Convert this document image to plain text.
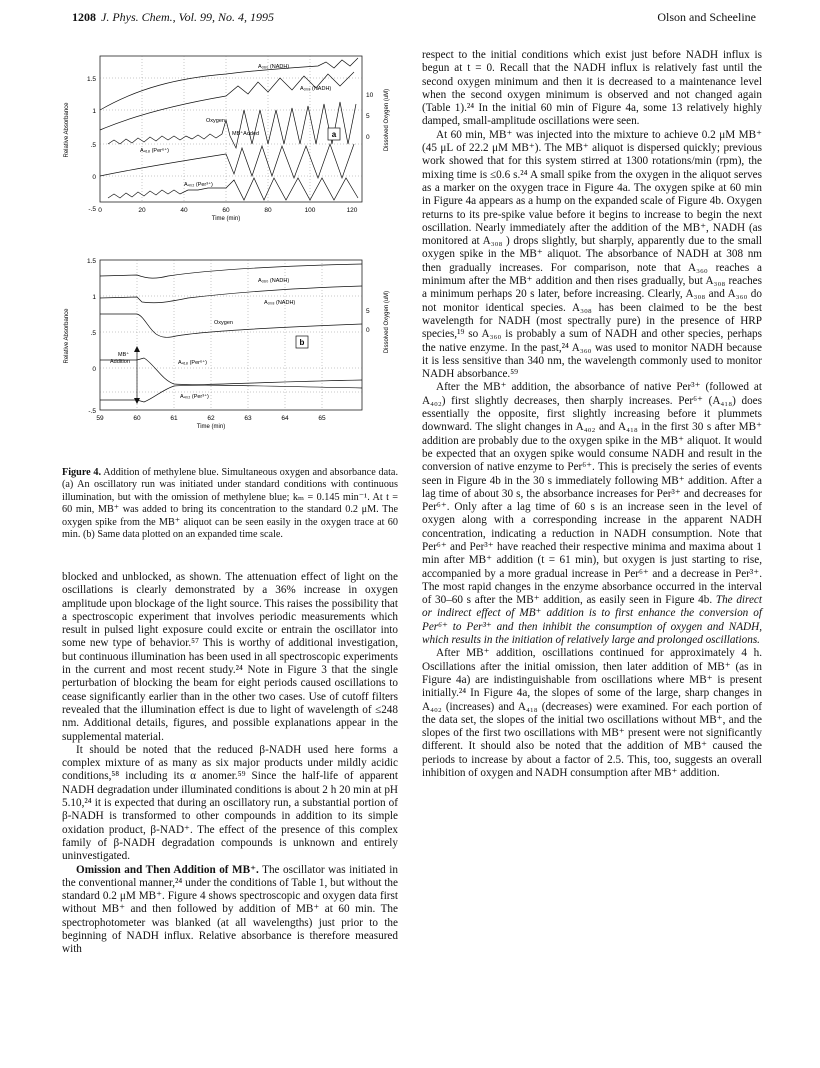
1208 J. Phys. Chem., Vol. 99, No. 4, 1995	Olson and Scheeline
1.5
1
.5
0
-.5
10
5
0
0	20	40	60	80	100	120
Time (min)
Relative Absorbance	Dissolved Oxygen (uM)
A₃₆₀ (NADH)
A₃₀₈ (NADH)
Oxygen
MB⁺Added
A₄₁₈ (Per⁶⁺)
A₄₀₂ (Per³⁺)
a
1.5
1
.5
0
-.5
5
0
59	60	61	62	63	64	65
Time (min)
Relative Absorbance	Dissolved Oxygen (uM)
A₃₆₀ (NADH)
A₃₀₈ (NADH)
Oxygen
MB⁺
Addition	A₄₁₈ (Per⁶⁺)
A₄₀₂ (Per³⁺)
b
Figure 4. Addition of methylene blue. Simultaneous oxygen and absorbance data. (a) An oscillatory run was initiated under standard conditions with continuous illumination, but with the omission of methylene blue; kₘ = 0.145 min⁻¹. At t = 60 min, MB⁺ was added to bring its concentration to the standard 0.2 μM. The oxygen spike from the MB⁺ aliquot can be seen easily in the oxygen trace at 60 min. (b) Same data plotted on an expanded time scale.

blocked and unblocked, as shown. The attenuation effect of light on the oscillations is clearly demonstrated by a 36% increase in oxygen amplitude upon blockage of the light source. This raises the possibility that a spectroscopic experiment that involves periodic measurements which result in pulsed light exposure could excite or entrain the oscillator into some new type of behavior.⁵⁷ This is worthy of additional investigation, but continuous illumination has been used in all spectroscopic experiments in the current and most recent study.²⁴ Note in Figure 3 that the single perturbation of blocking the beam for eight periods caused oscillations to cease significantly earlier than in the other two cases. Use of cutoff filters revealed that the illumination effect is due to light of wavelength of ≤248 nm. Additional details, figures, and possible explanations appear in the supplemental material.

It should be noted that the reduced β-NADH used here forms a complex mixture of as many as six major products under mildly acidic conditions,⁵⁸ including its α anomer.⁵⁹ Since the half-life of apparent NADH degradation under illuminated conditions is about 2 h 20 min at pH 5.10,²⁴ it is expected that during an oscillatory run, a substantial portion of β-NADH is transformed to other compounds in addition to its simple oxidation product, β-NAD⁺. The effect of the presence of this complex family of β-NADH degradation compounds is unknown and entirely uninvestigated.

Omission and Then Addition of MB⁺. The oscillator was initiated in the conventional manner,²⁴ under the conditions of Table 1, but without the standard 0.2 μM MB⁺. Figure 4 shows spectroscopic and oxygen data first without MB⁺ and then followed by addition of MB⁺ at 60 min. The spectrophotometer was blanked (at all wavelengths) just prior to the beginning of NADH influx. Relative absorbance is therefore measured with

respect to the initial conditions which exist just before NADH influx is begun at t = 0. Recall that the NADH influx is relatively fast until the second oxygen minimum and then it is decreased to a maintenance level when the second oxygen minimum is observed and not changed again (Table 1).²⁴ In the initial 60 min of Figure 4a, some 13 relatively highly damped, small-amplitude oscillations were seen.

At 60 min, MB⁺ was injected into the mixture to achieve 0.2 μM MB⁺ (45 μL of 22.2 μM MB⁺). The MB⁺ aliquot is dispersed quickly; previous work showed that for this system stirred at 1300 rotations/min (rpm), the mixing time is ≤0.6 s.²⁴ A small spike from the oxygen in the aliquot serves as a marker on the oxygen trace in Figure 4a. The oxygen spike at 60 min in Figure 4a appears as a hump on the expanded scale of Figure 4b. Oxygen returns to its pre-spike value before it begins to increase to begin the next oscillation. Nearly immediately after the addition of the MB⁺, NADH (as monitored at A₃₀₈ ) drops slightly, but sharply, apparently due to the small oxygen spike in the MB⁺ aliquot. The absorbance of NADH at 308 nm then gradually increases. For comparison, note that A₃₆₀ reaches a minimum after the MB⁺ addition and then rises gradually, but A₃₀₈ reaches a minimum perhaps 20 s later, before increasing. Clearly, A₃₀₈ and A₃₆₀ do not monitor identical species. A₃₀₈ has been claimed to be the best wavelength for NADH (most spectrally pure) in the presence of HRP species,¹⁹ so A₃₆₀ is probably a sum of NADH and other species, perhaps the native enzyme. In the past,²⁴ A₃₆₀ was used to monitor NADH because it is less sensitive than 340 nm, the wavelength commonly used to monitor NADH absorbance.⁵⁹

After the MB⁺ addition, the absorbance of native Per³⁺ (followed at A₄₀₂) first slightly decreases, then sharply increases. Per⁶⁺ (A₄₁₈) does essentially the opposite, first slightly increasing before it plummets downward. The slight changes in A₄₀₂ and A₄₁₈ in the first 30 s after MB⁺ addition are probably due to the oxygen spike in the MB⁺ aliquot. It would be expected that an oxygen spike would consume NADH and result in the conversion of native enzyme to Per⁶⁺. This is precisely the series of events seen in Figure 4b in the 30 s immediately following MB⁺ addition. After a lag time of about 30 s, the absorbance increases for Per³⁺ and decreases for Per⁶⁺. Only after a lag time of 60 s is an increase seen in the level of oxygen along with a corresponding increase in the apparent NADH concentration, indicating a reduction in NADH consumption. Note that Per⁶⁺ and Per³⁺ have reached their respective minima and maxima about 1 min after MB⁺ addition (t = 61 min), but oxygen is just starting to rise, accompanied by a more gradual increase in Per⁶⁺ and a decrease in Per³⁺. The most rapid changes in the enzyme absorbance occurred in the interval of 30–60 s after the MB⁺ addition, as easily seen in Figure 4b. The direct or indirect effect of MB⁺ addition is to first enhance the conversion of Per⁶⁺ to Per³⁺ and then inhibit the consumption of oxygen and NADH, which results in the initiation of relatively large and prolonged oscillations.

After MB⁺ addition, oscillations continued for approximately 4 h. Oscillations after the initial omission, then later addition of MB⁺ (as in Figure 4a) are indistinguishable from oscillations where MB⁺ is present initially.²⁴ In Figure 4a, the slopes of some of the large, sharp changes in A₄₀₂ (increases) and A₄₁₈ (decreases) were examined. For each portion of the data set, the slopes of the initial two oscillations without MB⁺, and the slopes of the first two oscillations with MB⁺ present were not significantly different. It should also be noted that the addition of MB⁺ caused the periods to increase by about a factor of 2.5. This, too, suggests an overall inhibition of oxygen and NADH consumption after MB⁺ addition.
